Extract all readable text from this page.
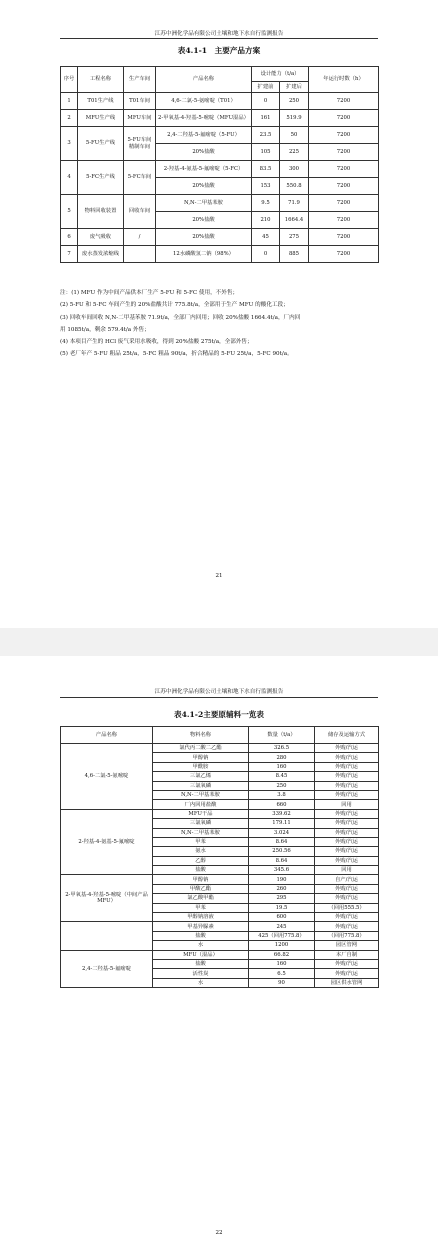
江苏中洲化学品有限公司土壤和地下水自行监测报告
表4.1-1　主要产品方案
序号	工程名称	生产车间	产品名称	设计能力（t/a）		年运行时数（h）
				扩建前	扩建后	
1	T01生产线	T01车间	4,6-二氯-5-氨嘧啶（T01）	0	250	7200
2	MFU生产线	MFU车间	2-甲氧基-4-羟基-5-嘧啶（MFU湿品）	161	519.9	7200
3	5-FU生产线	5-FU车间精制车间	2,4-二羟基-5-氟嘧啶（5-FU）	23.5	50	7200
			20%盐酸	105	225	7200
4	5-FC生产线	5-FC车间	2-羟基-4-氨基-5-氟嘧啶（5-FC）	83.5	300	7200
			20%盐酸	153	550.8	7200
5	物料回收装置	回收车间	N,N-二甲基苯胺	9.5	71.9	7200
			20%盐酸	210	1664.4	7200
6	废气吸收	/	20%盐酸	45	275	7200
7	废水蒸发浓缩线		12水磷酸氢二钠（98%）	0	885	7200
注：(1) MFU 作为中间产品供本厂生产 5-FU 和 5-FC 使用，不外售；
(2) 5-FU 和 5-FC 车间产生的 20%盐酸共计 775.8t/a，全部用于生产 MFU 的酸化工段；
(3) 回收车间回收 N,N-二甲基苯胺 71.9t/a，全部厂内回用；回收 20%盐酸 1664.4t/a，厂内回
用 1085t/a，剩余 579.4t/a 外售；
(4) 本项目产生的 HCl 废气采用水吸收，得到 20%盐酸 275t/a，全部外售；
(5) 老厂年产 5-FU 粗品 25t/a，5-FC 粗品 90t/a，折合精品的 5-FU 25t/a，5-FC 90t/a。
21
江苏中洲化学品有限公司土壤和地下水自行监测报告
表4.1-2主要原辅料一览表
22
产品名称	物料名称	数量（t/a）	储存及运输方式
4,6-二氯-5-氨嘧啶	氯代丙二酸二乙酯	326.5	外购/汽运
	甲醇钠	280	外购/汽运
	甲酰胺	160	外购/汽运
	三氯乙烯	8.45	外购/汽运
	三氯氧磷	250	外购/汽运
	N,N-二甲基苯胺	3.8	外购/汽运
	厂内回用盐酸	660	回用
2-羟基-4-氨基-5-氟嘧啶	MFU干品	339.62	外购/汽运
	三氯氧磷	179.11	外购/汽运
	N,N-二甲基苯胺	3.024	外购/汽运
	甲苯	8.64	外购/汽运
	氨水	250.56	外购/汽运
	乙醇	8.64	外购/汽运
	盐酸	345.6	回用
2-甲氧基-4-羟基-5-嘧啶（中间产品MFU）	甲醇钠	190	自产/汽运
	甲酸乙酯	260	外购/汽运
	氯乙酸甲酯	295	外购/汽运
	甲苯	19.5	（回用555.5）
	甲醇钠溶液	600	外购/汽运
	甲基异脲素	245	外购/汽运
	盐酸	425（回用775.8）	（回用775.8）
	水	1200	园区管网
2,4-二羟基-5-氟嘧啶	MFU（湿品）	66.82	本厂自制
	盐酸	160	外购/汽运
	活性炭	6.5	外购/汽运
	水	90	园区供水管网
